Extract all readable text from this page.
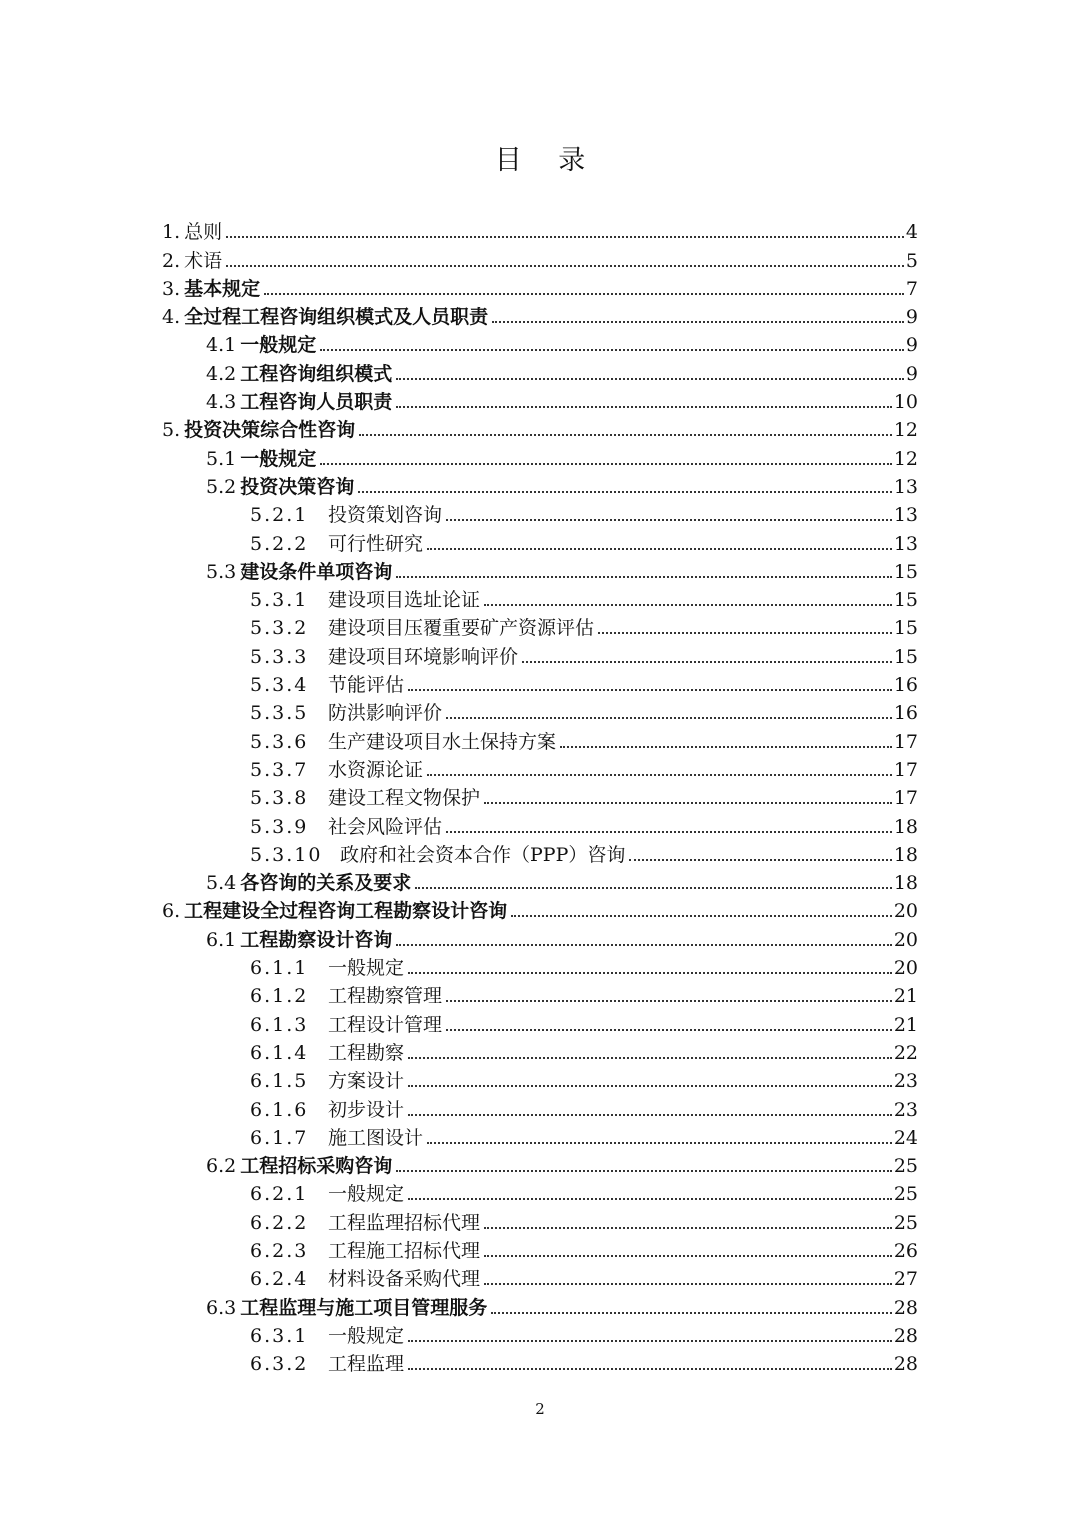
目 录
1. 总则	4
2. 术语	5
3. 基本规定	7
4. 全过程工程咨询组织模式及人员职责	9
4.1 一般规定	9
4.2 工程咨询组织模式	9
4.3 工程咨询人员职责	10
5. 投资决策综合性咨询	12
5.1 一般规定	12
5.2 投资决策咨询	13
5.2.1	投资策划咨询	13
5.2.2	可行性研究	13
5.3 建设条件单项咨询	15
5.3.1	建设项目选址论证	15
5.3.2	建设项目压覆重要矿产资源评估	15
5.3.3	建设项目环境影响评价	15
5.3.4	节能评估	16
5.3.5	防洪影响评价	16
5.3.6	生产建设项目水土保持方案	17
5.3.7	水资源论证	17
5.3.8	建设工程文物保护	17
5.3.9	社会风险评估	18
5.3.10 政府和社会资本合作（PPP）咨询	18
5.4 各咨询的关系及要求	18
6. 工程建设全过程咨询工程勘察设计咨询	20
6.1 工程勘察设计咨询	20
6.1.1	一般规定	20
6.1.2	工程勘察管理	21
6.1.3	工程设计管理	21
6.1.4	工程勘察	22
6.1.5	方案设计	23
6.1.6	初步设计	23
6.1.7	施工图设计	24
6.2 工程招标采购咨询	25
6.2.1	一般规定	25
6.2.2	工程监理招标代理	25
6.2.3	工程施工招标代理	26
6.2.4	材料设备采购代理	27
6.3 工程监理与施工项目管理服务	28
6.3.1	一般规定	28
6.3.2	工程监理	28
2
